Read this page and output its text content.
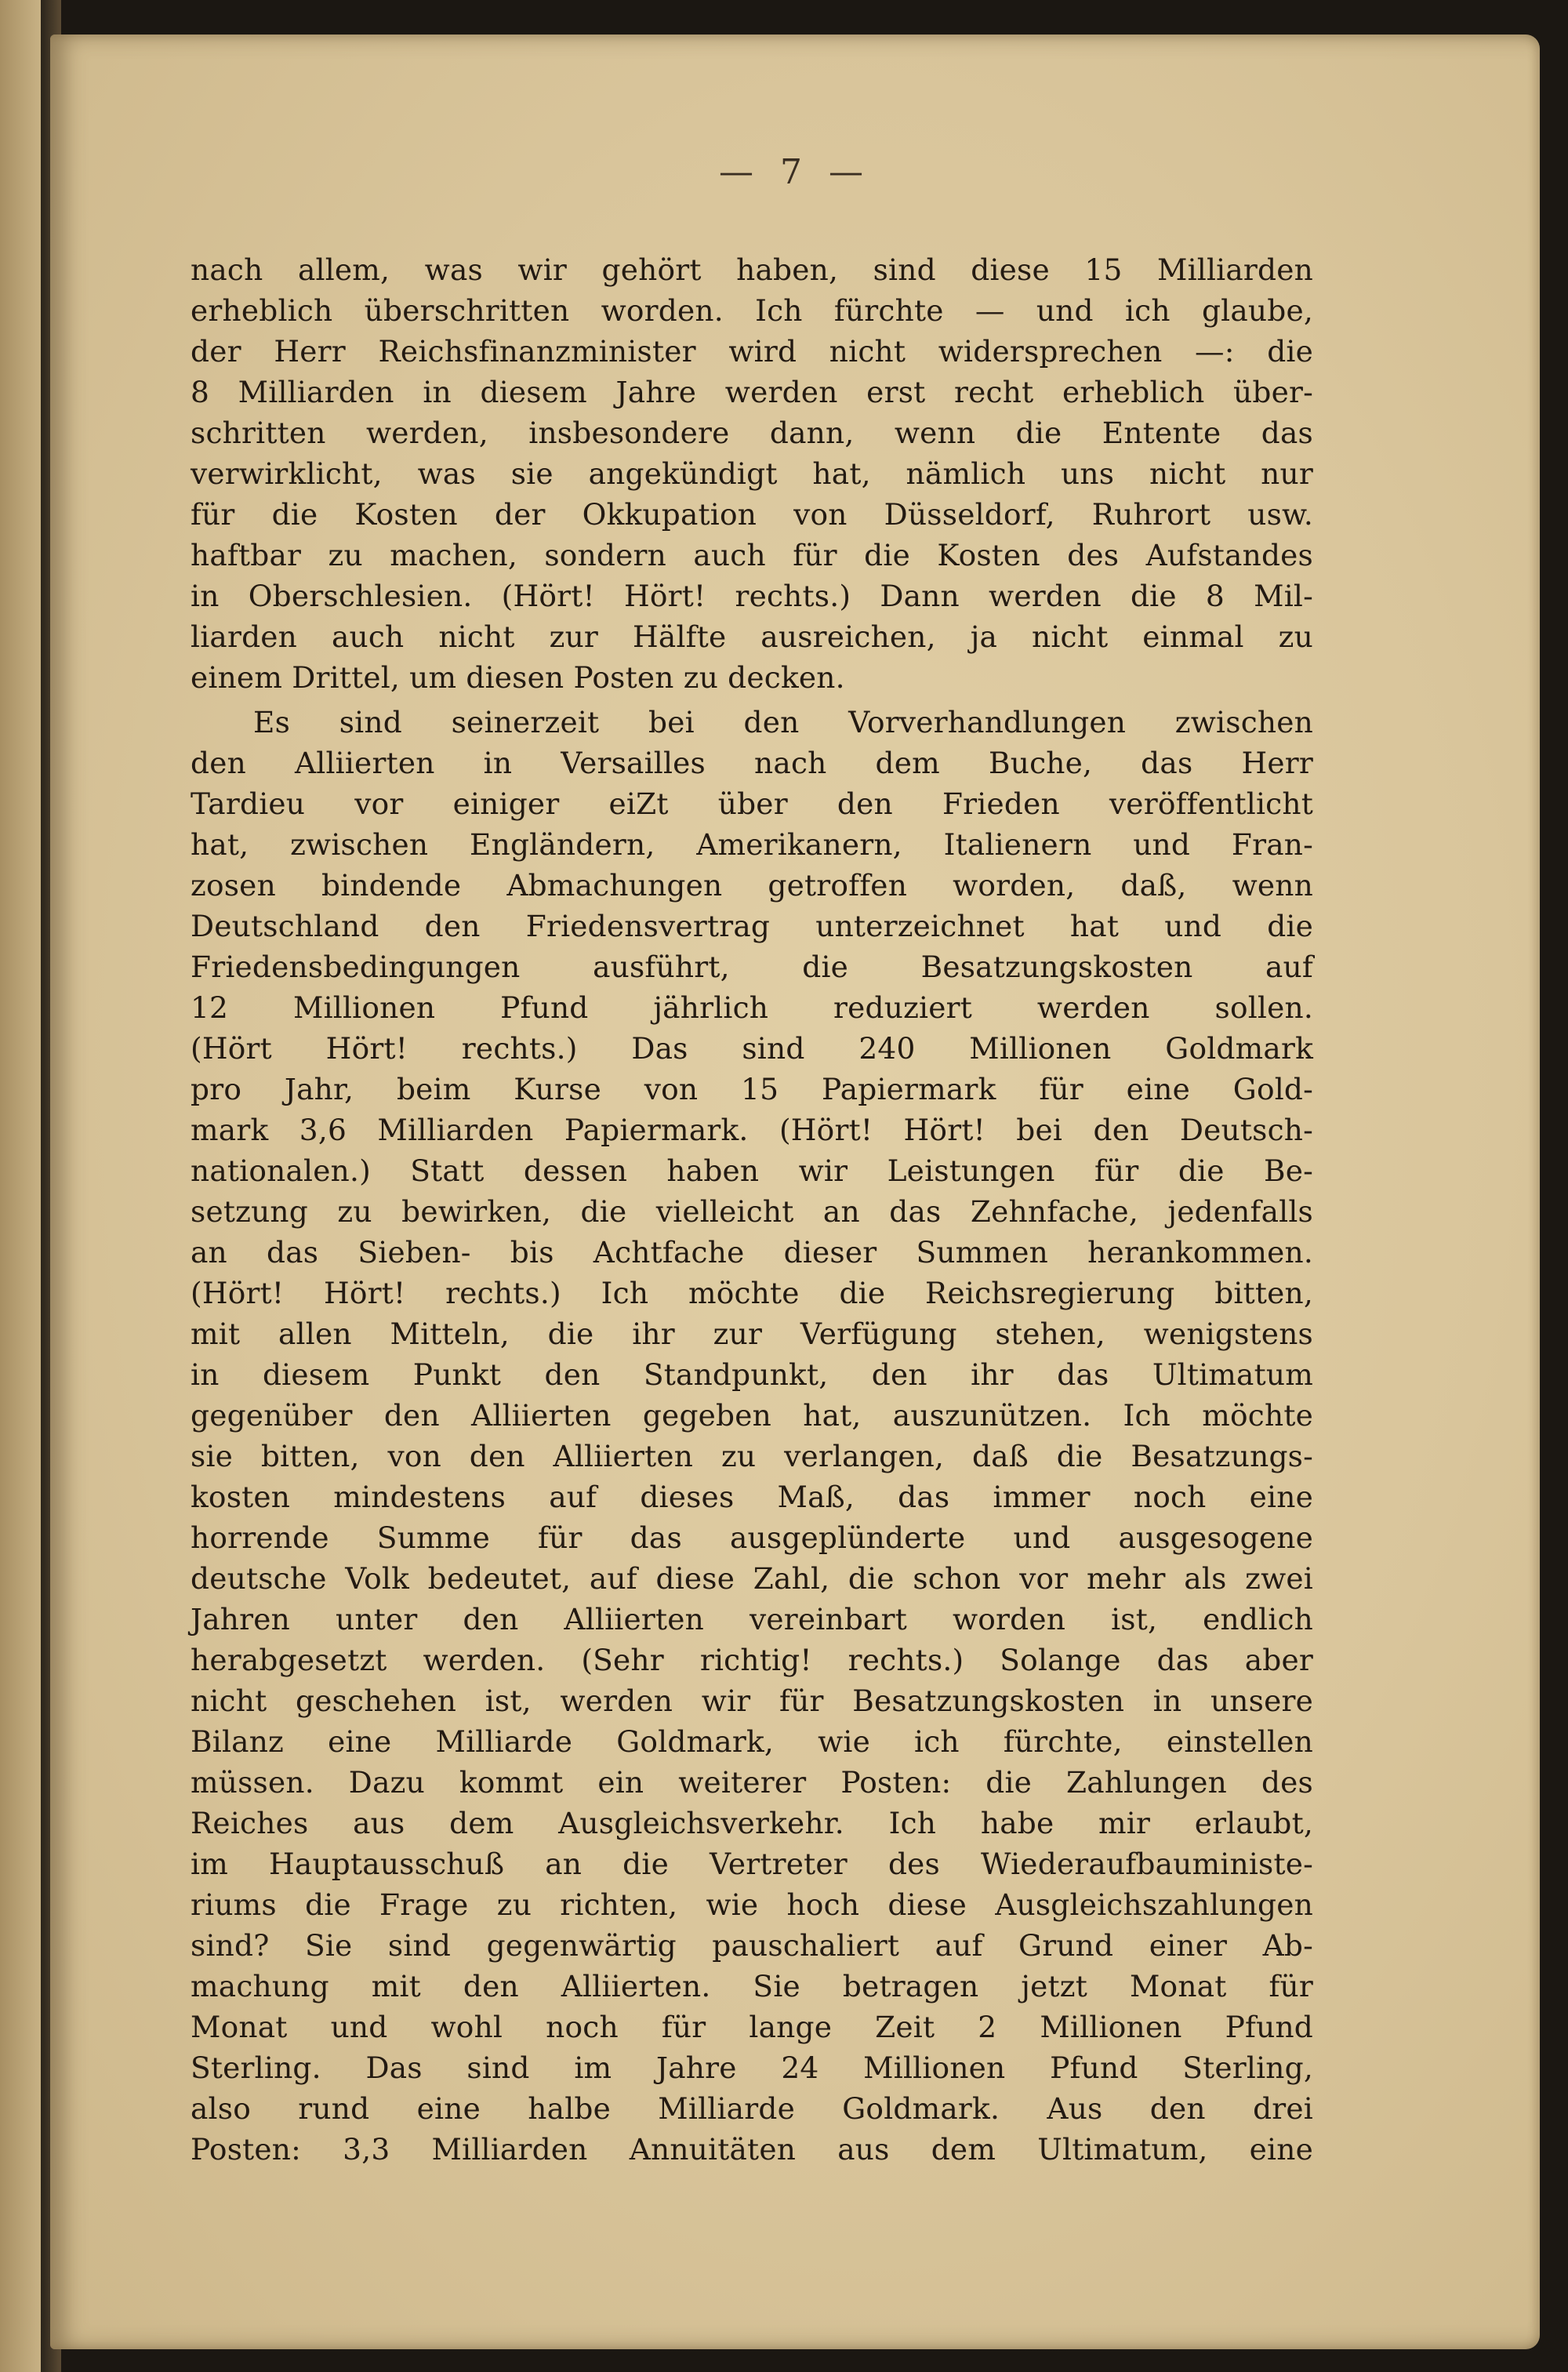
— 7 —

nach allem, was wir gehört haben, sind diese 15 Milliarden
erheblich überschritten worden. Ich fürchte — und ich glaube,
der Herr Reichsfinanzminister wird nicht widersprechen —: die
8 Milliarden in diesem Jahre werden erst recht erheblich über-
schritten werden, insbesondere dann, wenn die Entente das
verwirklicht, was sie angekündigt hat, nämlich uns nicht nur
für die Kosten der Okkupation von Düsseldorf, Ruhrort usw.
haftbar zu machen, sondern auch für die Kosten des Aufstandes
in Oberschlesien. (Hört! Hört! rechts.) Dann werden die 8 Mil-
liarden auch nicht zur Hälfte ausreichen, ja nicht einmal zu
einem Drittel, um diesen Posten zu decken.
Es sind seinerzeit bei den Vorverhandlungen zwischen
den Alliierten in Versailles nach dem Buche, das Herr
Tardieu vor einiger eiZt über den Frieden veröffentlicht
hat, zwischen Engländern, Amerikanern, Italienern und Fran-
zosen bindende Abmachungen getroffen worden, daß, wenn
Deutschland den Friedensvertrag unterzeichnet hat und die
Friedensbedingungen ausführt, die Besatzungskosten auf
12 Millionen Pfund jährlich reduziert werden sollen.
(Hört Hört! rechts.) Das sind 240 Millionen Goldmark
pro Jahr, beim Kurse von 15 Papiermark für eine Gold-
mark 3,6 Milliarden Papiermark. (Hört! Hört! bei den Deutsch-
nationalen.) Statt dessen haben wir Leistungen für die Be-
setzung zu bewirken, die vielleicht an das Zehnfache, jedenfalls
an das Sieben- bis Achtfache dieser Summen herankommen.
(Hört! Hört! rechts.) Ich möchte die Reichsregierung bitten,
mit allen Mitteln, die ihr zur Verfügung stehen, wenigstens
in diesem Punkt den Standpunkt, den ihr das Ultimatum
gegenüber den Alliierten gegeben hat, auszunützen. Ich möchte
sie bitten, von den Alliierten zu verlangen, daß die Besatzungs-
kosten mindestens auf dieses Maß, das immer noch eine
horrende Summe für das ausgeplünderte und ausgesogene
deutsche Volk bedeutet, auf diese Zahl, die schon vor mehr als zwei
Jahren unter den Alliierten vereinbart worden ist, endlich
herabgesetzt werden. (Sehr richtig! rechts.) Solange das aber
nicht geschehen ist, werden wir für Besatzungskosten in unsere
Bilanz eine Milliarde Goldmark, wie ich fürchte, einstellen
müssen. Dazu kommt ein weiterer Posten: die Zahlungen des
Reiches aus dem Ausgleichsverkehr. Ich habe mir erlaubt,
im Hauptausschuß an die Vertreter des Wiederaufbauministe-
riums die Frage zu richten, wie hoch diese Ausgleichszahlungen
sind? Sie sind gegenwärtig pauschaliert auf Grund einer Ab-
machung mit den Alliierten. Sie betragen jetzt Monat für
Monat und wohl noch für lange Zeit 2 Millionen Pfund
Sterling. Das sind im Jahre 24 Millionen Pfund Sterling,
also rund eine halbe Milliarde Goldmark. Aus den drei
Posten: 3,3 Milliarden Annuitäten aus dem Ultimatum, eine
